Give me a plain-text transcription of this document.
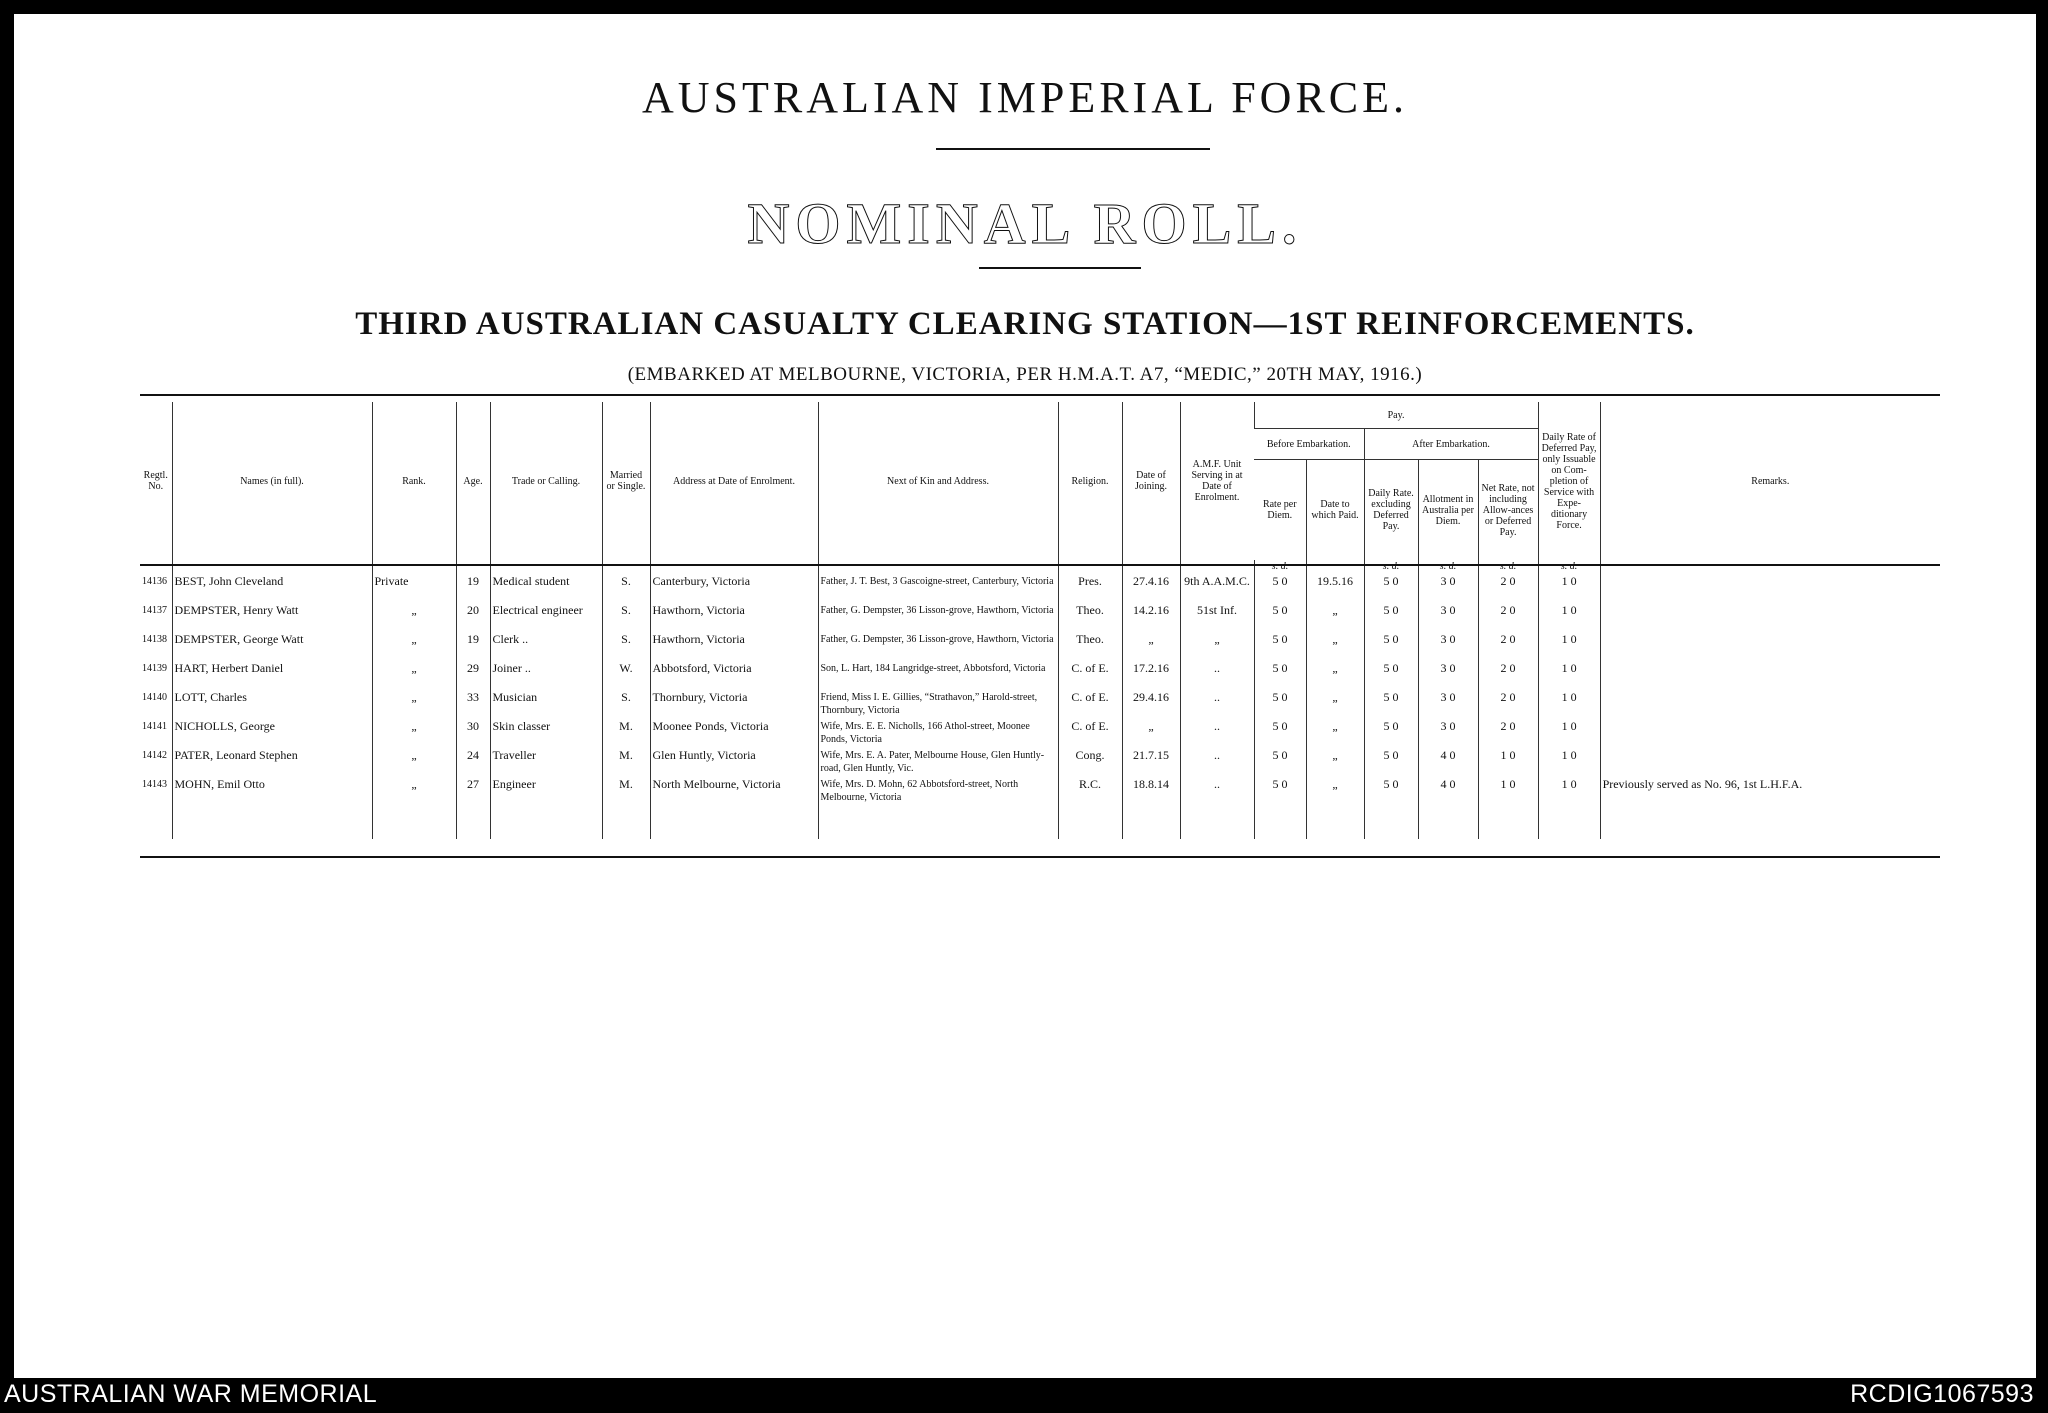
AUSTRALIAN IMPERIAL FORCE.
NOMINAL ROLL.
THIRD AUSTRALIAN CASUALTY CLEARING STATION—1ST REINFORCEMENTS.
(EMBARKED AT MELBOURNE, VICTORIA, PER H.M.A.T. A7, “MEDIC,” 20TH MAY, 1916.)
Regtl. No.	Names (in full).	Rank.	Age.	Trade or Calling.	Married or Single.	Address at Date of Enrolment.	Next of Kin and Address.	Religion.	Date of Joining.	A.M.F. Unit Serving in at Date of Enrolment.	Pay.					Daily Rate of Deferred Pay, only Issuable on Com-pletion of Service with Expe-ditionary Force.	Remarks.
											Before Embarkation.		After Embarkation.				
											Rate per Diem.	Date to which Paid.	Daily Rate. excluding Deferred Pay.	Allotment in Australia per Diem.	Net Rate, not including Allow-ances or Deferred Pay.		
											s. d.		s. d.	s. d.	s. d.	s. d.	
14136	BEST, John Cleveland	Private	19	Medical student	S.	Canterbury, Victoria	Father, J. T. Best, 3 Gascoigne-street, Canterbury, Victoria	Pres.	27.4.16	9th A.A.M.C.	5 0	19.5.16	5 0	3 0	2 0	1 0	
14137	DEMPSTER, Henry Watt	„	20	Electrical engineer	S.	Hawthorn, Victoria	Father, G. Dempster, 36 Lisson-grove, Hawthorn, Victoria	Theo.	14.2.16	51st Inf.	5 0	„	5 0	3 0	2 0	1 0	
14138	DEMPSTER, George Watt	„	19	Clerk ..	S.	Hawthorn, Victoria	Father, G. Dempster, 36 Lisson-grove, Hawthorn, Victoria	Theo.	„	„	5 0	„	5 0	3 0	2 0	1 0	
14139	HART, Herbert Daniel	„	29	Joiner ..	W.	Abbotsford, Victoria	Son, L. Hart, 184 Langridge-street, Abbotsford, Victoria	C. of E.	17.2.16	..	5 0	„	5 0	3 0	2 0	1 0	
14140	LOTT, Charles	„	33	Musician	S.	Thornbury, Victoria	Friend, Miss I. E. Gillies, “Strathavon,” Harold-street, Thornbury, Victoria	C. of E.	29.4.16	..	5 0	„	5 0	3 0	2 0	1 0	
14141	NICHOLLS, George	„	30	Skin classer	M.	Moonee Ponds, Victoria	Wife, Mrs. E. E. Nicholls, 166 Athol-street, Moonee Ponds, Victoria	C. of E.	„	..	5 0	„	5 0	3 0	2 0	1 0	
14142	PATER, Leonard Stephen	„	24	Traveller	M.	Glen Huntly, Victoria	Wife, Mrs. E. A. Pater, Melbourne House, Glen Huntly-road, Glen Huntly, Vic.	Cong.	21.7.15	..	5 0	„	5 0	4 0	1 0	1 0	
14143	MOHN, Emil Otto	„	27	Engineer	M.	North Melbourne, Victoria	Wife, Mrs. D. Mohn, 62 Abbotsford-street, North Melbourne, Victoria	R.C.	18.8.14	..	5 0	„	5 0	4 0	1 0	1 0	Previously served as No. 96, 1st L.H.F.A.

AUSTRALIAN WAR MEMORIAL	RCDIG1067593
